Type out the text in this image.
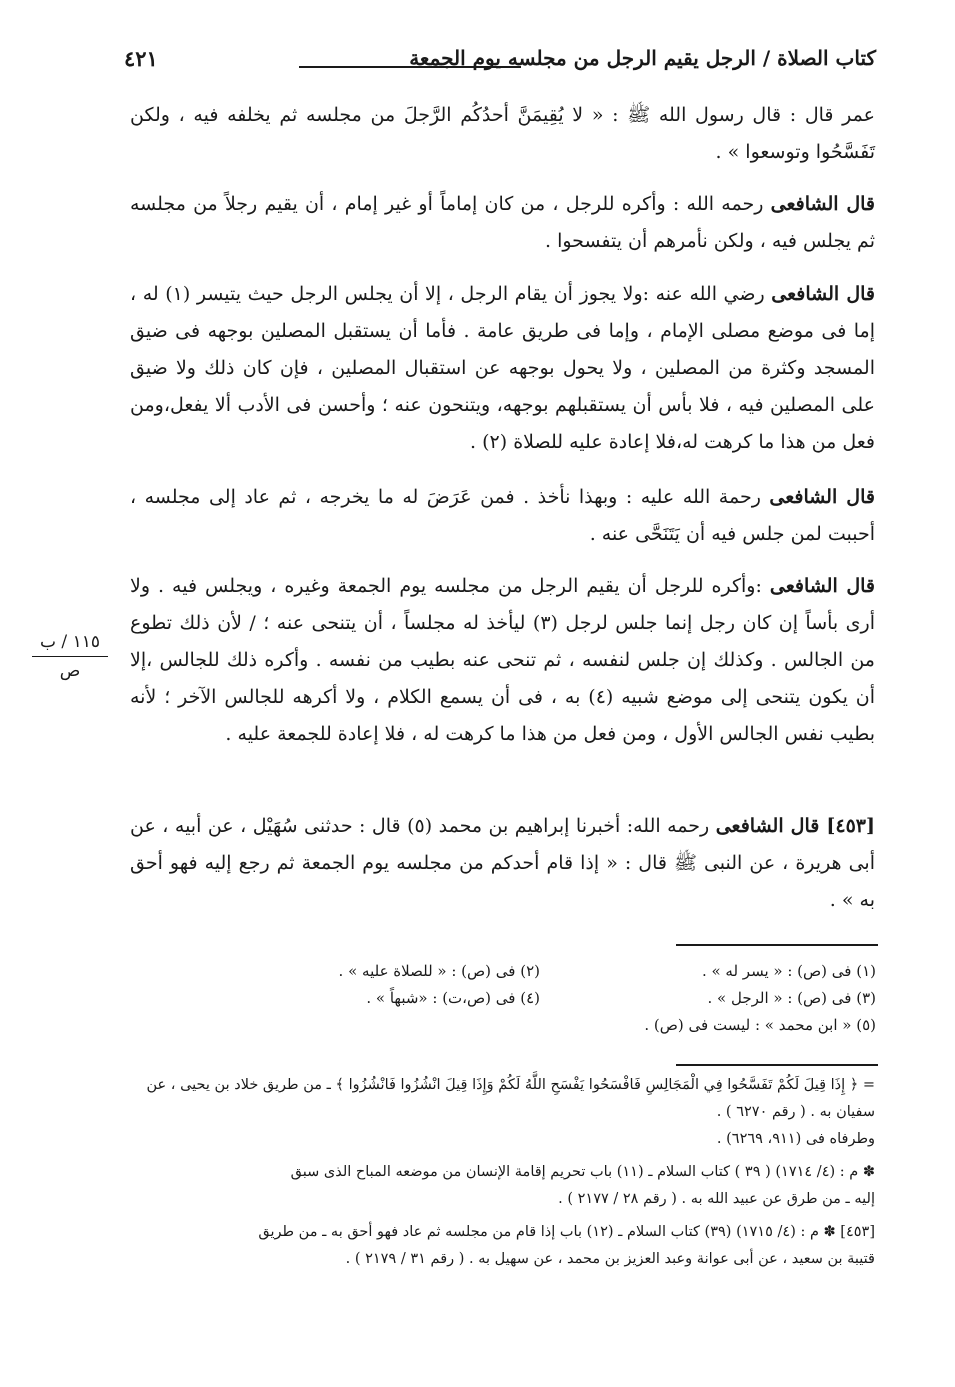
كتاب الصلاة / الرجل يقيم الرجل من مجلسه يوم الجمعة
٤٢١

عمر قال : قال رسول الله ﷺ : « لا يُقِيمَنَّ أحدُكُم الرَّجلَ من مجلسه ثم يخلفه فيه ، ولكن تَفَسَّحُوا وتوسعوا » .

قال الشافعى رحمه الله : وأكره للرجل ، من كان إماماً أو غير إمام ، أن يقيم رجلاً من مجلسه ثم يجلس فيه ، ولكن نأمرهم أن يتفسحوا .

قال الشافعى رضي الله عنه :ولا يجوز أن يقام الرجل ، إلا أن يجلس الرجل حيث يتيسر (١) له ، إما فى موضع مصلى الإمام ، وإما فى طريق عامة . فأما أن يستقبل المصلين بوجهه فى ضيق المسجد وكثرة من المصلين ، ولا يحول بوجهه عن استقبال المصلين ، فإن كان ذلك ولا ضيق على المصلين فيه ، فلا بأس أن يستقبلهم بوجهه، ويتنحون عنه ؛ وأحسن فى الأدب ألا يفعل،ومن فعل من هذا ما كرهت له،فلا إعادة عليه للصلاة (٢) .

قال الشافعى رحمة الله عليه : وبهذا نأخذ . فمن عَرَضَ له ما يخرجه ، ثم عاد إلى مجلسه ، أحببت لمن جلس فيه أن يَتَنَحَّى عنه .

قال الشافعى :وأكره للرجل أن يقيم الرجل من مجلسه يوم الجمعة وغيره ، ويجلس فيه . ولا أرى بأساً إن كان رجل إنما جلس لرجل (٣) ليأخذ له مجلساً ، أن يتنحى عنه ؛ / لأن ذلك تطوع من الجالس . وكذلك إن جلس لنفسه ، ثم تنحى عنه بطيب من نفسه . وأكره ذلك للجالس ،إلا أن يكون يتنحى إلى موضع شبيه (٤) به ، فى أن يسمع الكلام ، ولا أكرهه للجالس الآخر ؛ لأنه بطيب نفس الجالس الأول ، ومن فعل من هذا ما كرهت له ، فلا إعادة للجمعة عليه .

[٤٥٣] قال الشافعى رحمه الله: أخبرنا إبراهيم بن محمد (٥) قال : حدثنى سُهَيْل ، عن أبيه ، عن أبى هريرة ، عن النبى ﷺ قال : « إذا قام أحدكم من مجلسه يوم الجمعة ثم رجع إليه فهو أحق به » .

١١٥ / ب
ص
(١) فى (ص) : « يسر له » .
(٢) فى (ص) : « للصلاة عليه » .
(٣) فى (ص) : « الرجل » .
(٤) فى (ص،ت) : «شبهاً » .
(٥) « ابن محمد » : ليست فى (ص) .

= ﴿ إِذَا قِيلَ لَكُمْ تَفَسَّحُوا فِي الْمَجَالِسِ فَافْسَحُوا يَفْسَحِ اللَّهُ لَكُمْ وَإِذَا قِيلَ انْشُزُوا فَانْشُزُوا ﴾ ـ من طريق خلاد بن يحيى ، عن سفيان به . ( رقم ٦٢٧٠ ) .

وطرفاه فى (٩١١، ٦٢٦٩) .

✽ م : (٤/ ١٧١٤) ( ٣٩ ) كتاب السلام ـ (١١) باب تحريم إقامة الإنسان من موضعه المباح الذى سبق

إليه ـ من طرق عن عبيد الله به . ( رقم ٢٨ / ٢١٧٧ ) .

[٤٥٣] ✽ م : (٤/ ١٧١٥) (٣٩) كتاب السلام ـ (١٢) باب إذا قام من مجلسه ثم عاد فهو أحق به ـ من طريق

قتيبة بن سعيد ، عن أبى عوانة وعبد العزيز بن محمد ، عن سهيل به . ( رقم ٣١ / ٢١٧٩ ) .
